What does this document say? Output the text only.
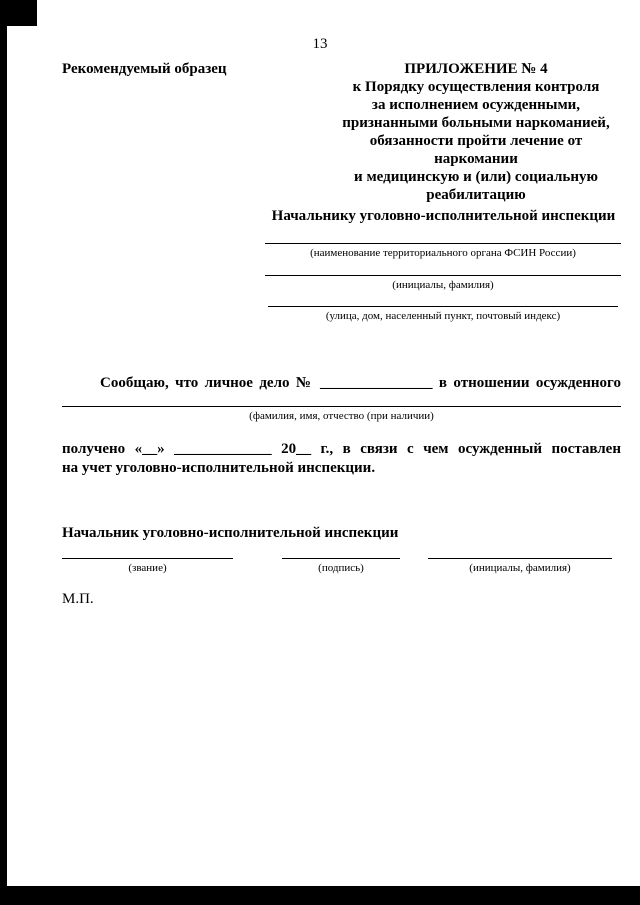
13
Рекомендуемый образец	ПРИЛОЖЕНИЕ № 4
к Порядку осуществления контроля
за исполнением осужденными,
признанными больными наркоманией,
обязанности пройти лечение от наркомании
и медицинскую и (или) социальную
реабилитацию
Начальнику уголовно-исполнительной инспекции
(наименование территориального органа ФСИН России)
(инициалы, фамилия)
(улица, дом, населенный пункт, почтовый индекс)
Сообщаю, что личное дело № _______________ в отношении осужденного
(фамилия, имя, отчество (при наличии)
получено «__» _____________ 20__ г., в связи с чем осужденный поставлен
на учет уголовно-исполнительной инспекции.
Начальник уголовно-исполнительной инспекции
(звание)	(подпись)	(инициалы, фамилия)
М.П.
